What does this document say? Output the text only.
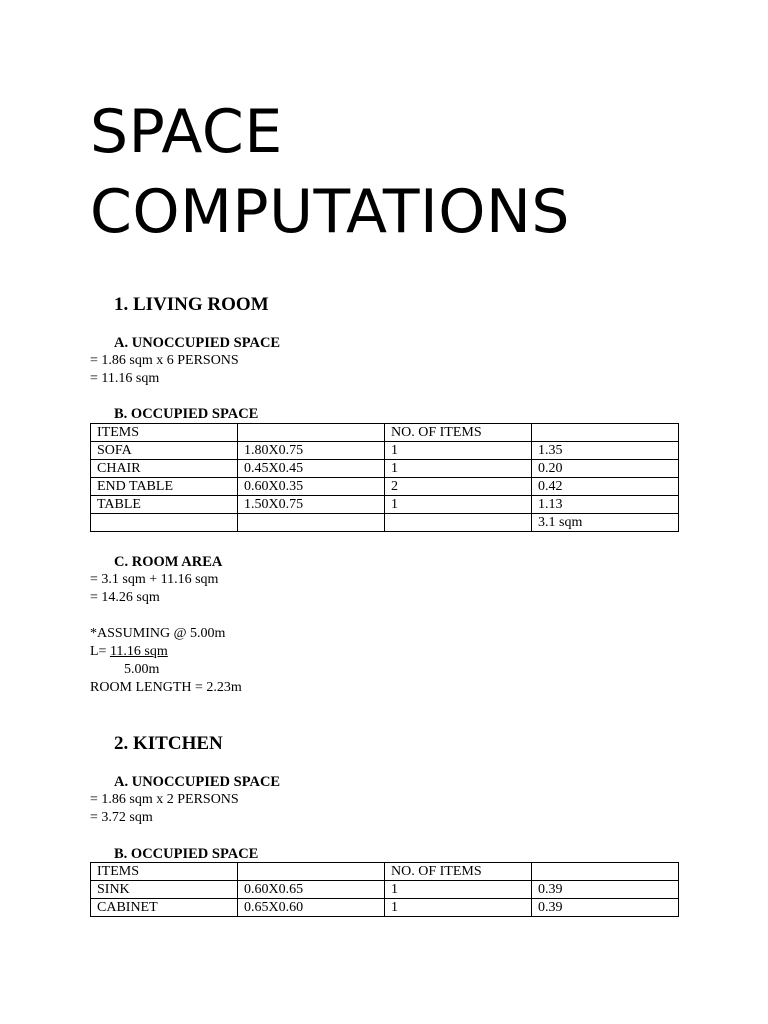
SPACE
COMPUTATIONS
1. LIVING ROOM
A. UNOCCUPIED SPACE
= 1.86 sqm x 6 PERSONS
= 11.16 sqm
B. OCCUPIED SPACE
ITEMS		NO. OF ITEMS	
SOFA	1.80X0.75	1	1.35
CHAIR	0.45X0.45	1	0.20
END TABLE	0.60X0.35	2	0.42
TABLE	1.50X0.75	1	1.13
			3.1 sqm
C. ROOM AREA
= 3.1 sqm + 11.16 sqm
= 14.26 sqm
*ASSUMING @ 5.00m
L= 11.16 sqm
5.00m
ROOM LENGTH = 2.23m
2. KITCHEN
A. UNOCCUPIED SPACE
= 1.86 sqm x 2 PERSONS
= 3.72 sqm
B. OCCUPIED SPACE
ITEMS		NO. OF ITEMS	
SINK	0.60X0.65	1	0.39
CABINET	0.65X0.60	1	0.39
